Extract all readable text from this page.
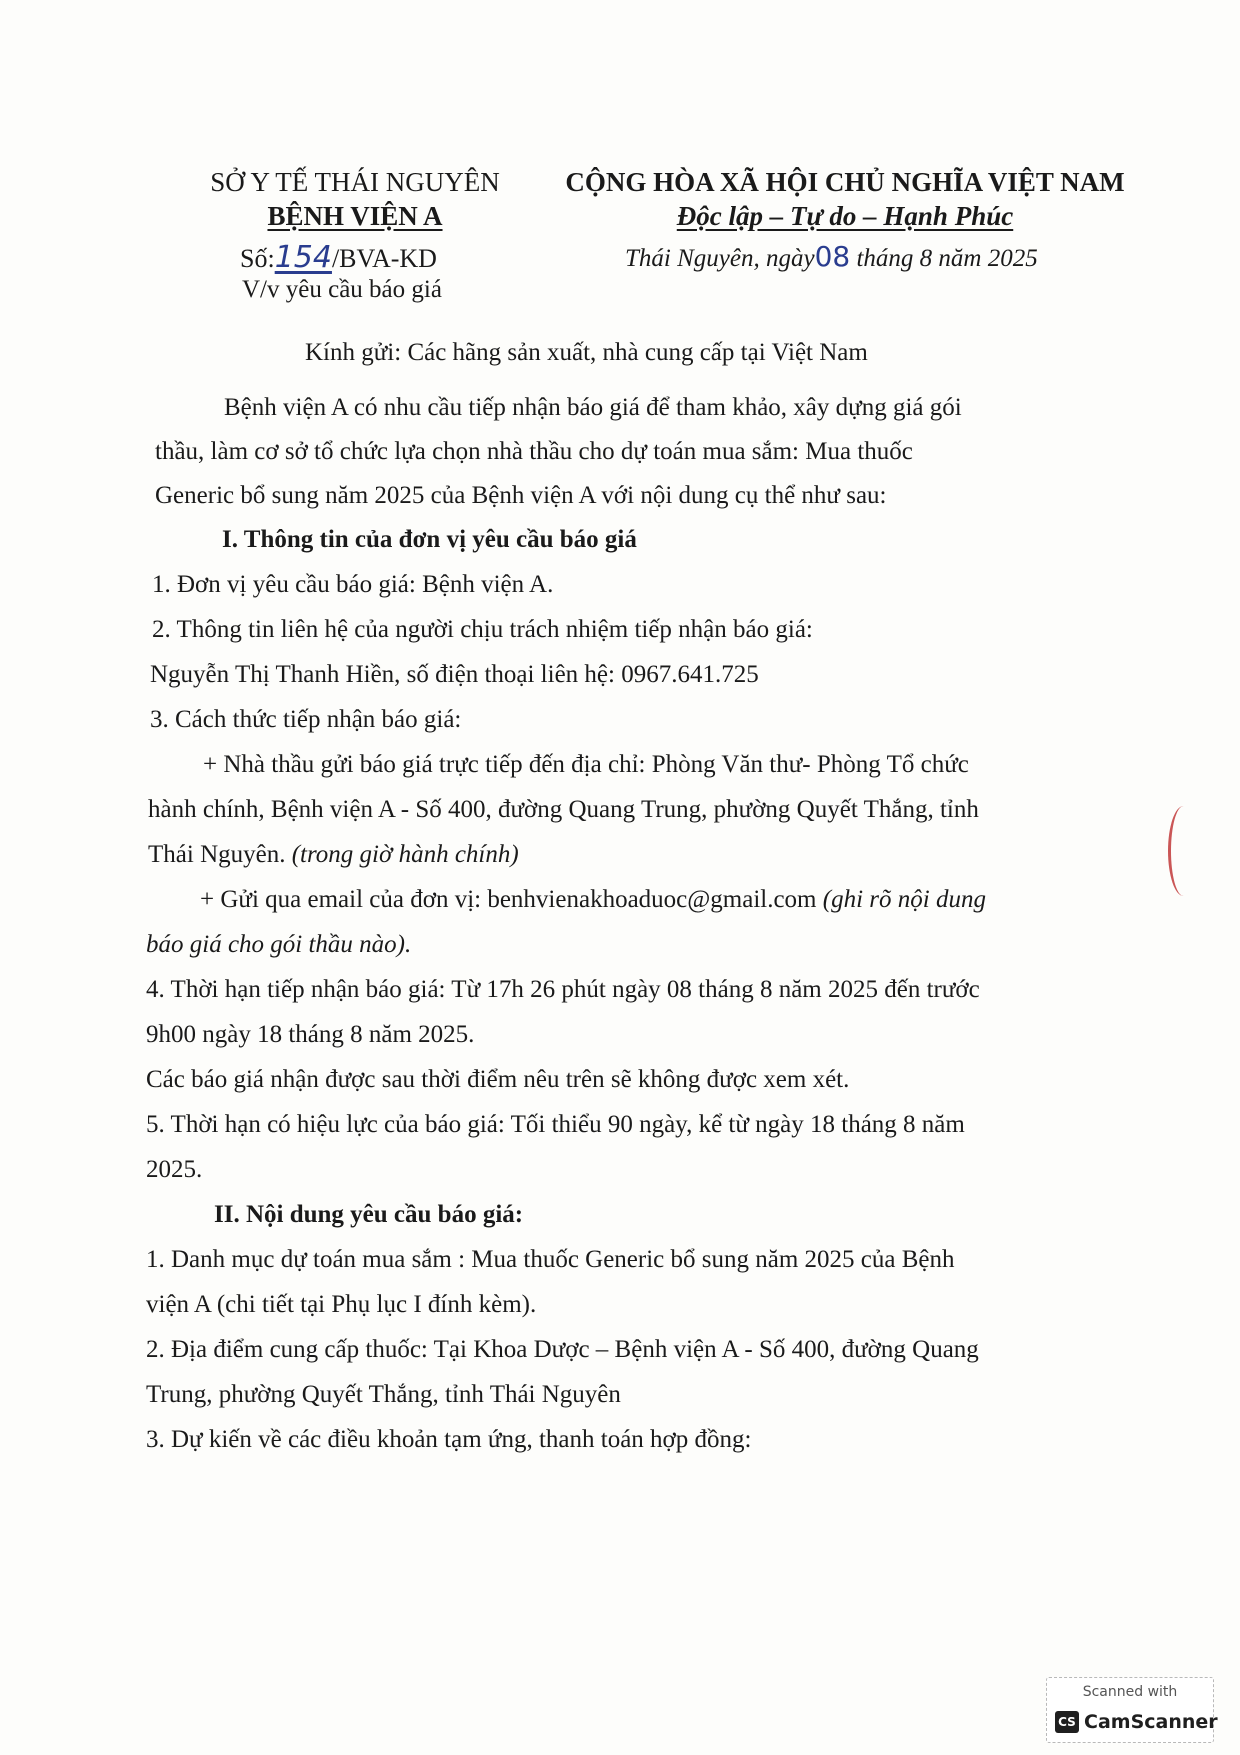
SỞ Y TẾ THÁI NGUYÊN
BỆNH VIỆN A
Số:154/BVA-KD
V/v yêu cầu báo giá
CỘNG HÒA XÃ HỘI CHỦ NGHĨA VIỆT NAM
Độc lập – Tự do – Hạnh Phúc
Thái Nguyên, ngày08 tháng 8 năm 2025
Kính gửi: Các hãng sản xuất, nhà cung cấp tại Việt Nam
Bệnh viện A có nhu cầu tiếp nhận báo giá để tham khảo, xây dựng giá gói
thầu, làm cơ sở tổ chức lựa chọn nhà thầu cho dự toán mua sắm: Mua thuốc
Generic bổ sung năm 2025 của Bệnh viện A với nội dung cụ thể như sau:
I. Thông tin của đơn vị yêu cầu báo giá
1. Đơn vị yêu cầu báo giá: Bệnh viện A.
2. Thông tin liên hệ của người chịu trách nhiệm tiếp nhận báo giá:
Nguyễn Thị Thanh Hiền, số điện thoại liên hệ: 0967.641.725
3. Cách thức tiếp nhận báo giá:
+ Nhà thầu gửi báo giá trực tiếp đến địa chỉ: Phòng Văn thư- Phòng Tổ chức
hành chính, Bệnh viện A - Số 400, đường Quang Trung, phường Quyết Thắng, tỉnh
Thái Nguyên. (trong giờ hành chính)
+ Gửi qua email của đơn vị: benhvienakhoaduoc@gmail.com (ghi rõ nội dung
báo giá cho gói thầu nào).
4. Thời hạn tiếp nhận báo giá: Từ 17h 26 phút ngày 08 tháng 8 năm 2025 đến trước
9h00 ngày 18 tháng 8 năm 2025.
Các báo giá nhận được sau thời điểm nêu trên sẽ không được xem xét.
5. Thời hạn có hiệu lực của báo giá: Tối thiểu 90 ngày, kể từ ngày 18 tháng 8 năm
2025.
II. Nội dung yêu cầu báo giá:
1. Danh mục dự toán mua sắm : Mua thuốc Generic bổ sung năm 2025 của Bệnh
viện A (chi tiết tại Phụ lục I đính kèm).
2. Địa điểm cung cấp thuốc: Tại Khoa Dược – Bệnh viện A - Số 400, đường Quang
Trung, phường Quyết Thắng, tỉnh Thái Nguyên
3. Dự kiến về các điều khoản tạm ứng, thanh toán hợp đồng:
Scanned with
CS CamScanner
